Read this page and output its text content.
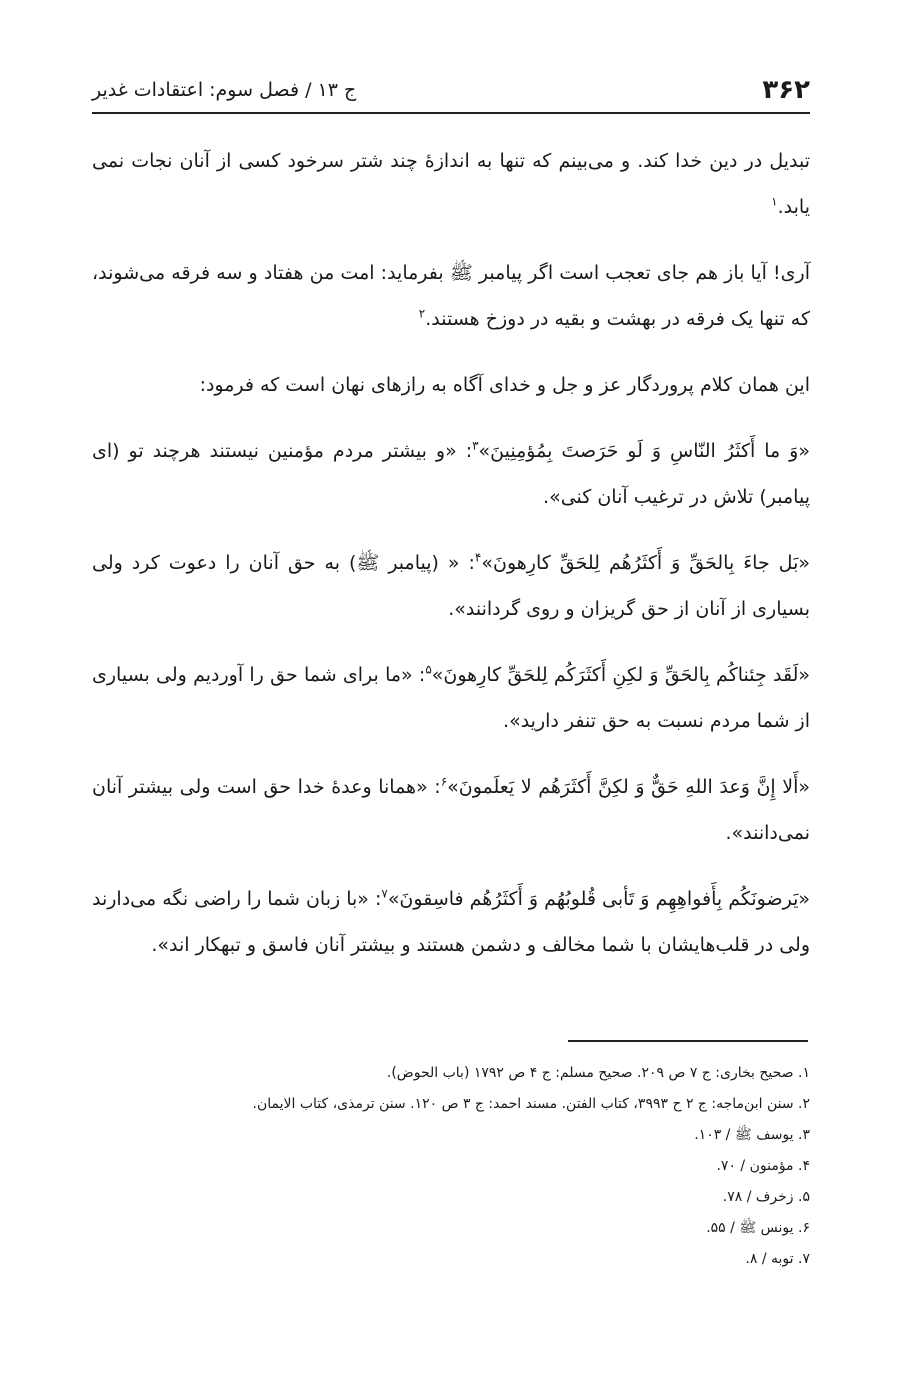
۳۶۲
ج ۱۳ / فصل سوم: اعتقادات غدیر

تبدیل در دین خدا کند. و می‌بینم که تنها به اندازهٔ چند شتر سرخود کسی از آنان نجات نمی یابد.$^۱$

آری! آیا باز هم جای تعجب است اگر پیامبر ﷺ بفرماید: امت من هفتاد و سه فرقه می‌شوند، که تنها یک فرقه در بهشت و بقیه در دوزخ هستند.$^۲$

این همان کلام پروردگار عز و جل و خدای آگاه به رازهای نهان است که فرمود:

«وَ ما أَكثَرُ النّاسِ وَ لَو حَرَصتَ بِمُؤمِنِينَ»$^۳$: «و بیشتر مردم مؤمنین نیستند هرچند تو (ای پیامبر) تلاش در ترغیب آنان کنی».

«بَل جاءَ بِالحَقِّ وَ أَكثَرُهُم لِلحَقِّ كارِهونَ»$^۴$: « (پیامبر ﷺ) به حق آنان را دعوت کرد ولی بسیاری از آنان از حق گریزان و روی گردانند».

«لَقَد جِئناكُم بِالحَقِّ وَ لكِنِ أَكثَرَكُم لِلحَقِّ كارِهونَ»$^۵$: «ما برای شما حق را آوردیم ولی بسیاری از شما مردم نسبت به حق تنفر دارید».

«أَلا إِنَّ وَعدَ اللهِ حَقٌّ وَ لكِنَّ أَكثَرَهُم لا يَعلَمونَ»$^۶$: «همانا وعدهٔ خدا حق است ولی بیشتر آنان نمی‌دانند».

«يَرضونَكُم بِأَفواهِهِم وَ تَأبى قُلوبُهُم وَ أَكثَرُهُم فاسِقونَ»$^۷$: «با زبان شما را راضی نگه می‌دارند ولی در قلب‌هایشان با شما مخالف و دشمن هستند و بیشتر آنان فاسق و تبهکار اند».

۱. صحیح بخاری: ج ۷ ص ۲۰۹. صحیح مسلم: ج ۴ ص ۱۷۹۲ (باب الحوض).
۲. سنن ابن‌ماجه: ج ۲ ح ۳۹۹۳، کتاب الفتن. مسند احمد: ج ۳ ص ۱۲۰. سنن ترمذی، کتاب الایمان.
۳. یوسف ﷺ / ۱۰۳.
۴. مؤمنون / ۷۰.
۵. زخرف / ۷۸.
۶. یونس ﷺ / ۵۵.
۷. توبه / ۸.
